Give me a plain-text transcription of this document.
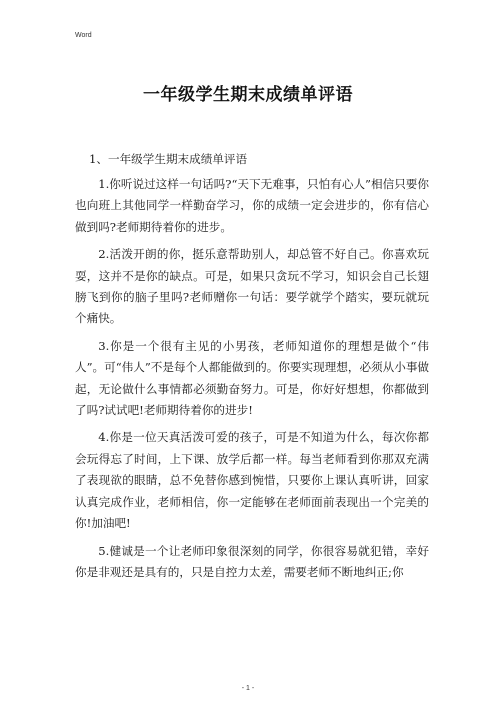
Word
一年级学生期末成绩单评语
1、一年级学生期末成绩单评语

1.你听说过这样一句话吗?“天下无难事，只怕有心人”相信只要你也向班上其他同学一样勤奋学习，你的成绩一定会进步的，你有信心做到吗?老师期待着你的进步。

2.活泼开朗的你，挺乐意帮助别人，却总管不好自己。你喜欢玩耍，这并不是你的缺点。可是，如果只贪玩不学习，知识会自己长翅膀飞到你的脑子里吗?老师赠你一句话：要学就学个踏实，要玩就玩个痛快。

3.你是一个很有主见的小男孩，老师知道你的理想是做个“伟人”。可“伟人”不是每个人都能做到的。你要实现理想，必须从小事做起，无论做什么事情都必须勤奋努力。可是，你好好想想，你都做到了吗?试试吧!老师期待着你的进步!

4.你是一位天真活泼可爱的孩子，可是不知道为什么，每次你都会玩得忘了时间，上下课、放学后都一样。每当老师看到你那双充满了表现欲的眼睛，总不免替你感到惋惜，只要你上课认真听讲，回家认真完成作业，老师相信，你一定能够在老师面前表现出一个完美的你!加油吧!

5.健诚是一个让老师印象很深刻的同学，你很容易就犯错，幸好你是非观还是具有的，只是自控力太差，需要老师不断地纠正;你

- 1 -
